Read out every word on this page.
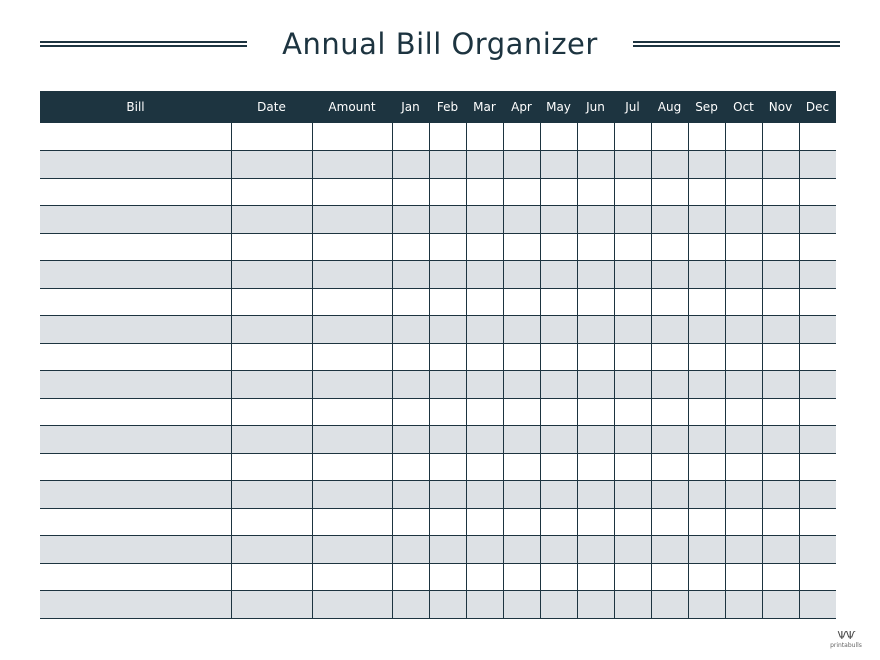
Annual Bill Organizer
Bill	Date	Amount	Jan	Feb	Mar	Apr	May	Jun	Jul	Aug	Sep	Oct	Nov	Dec

ѰѰ
printabulls
